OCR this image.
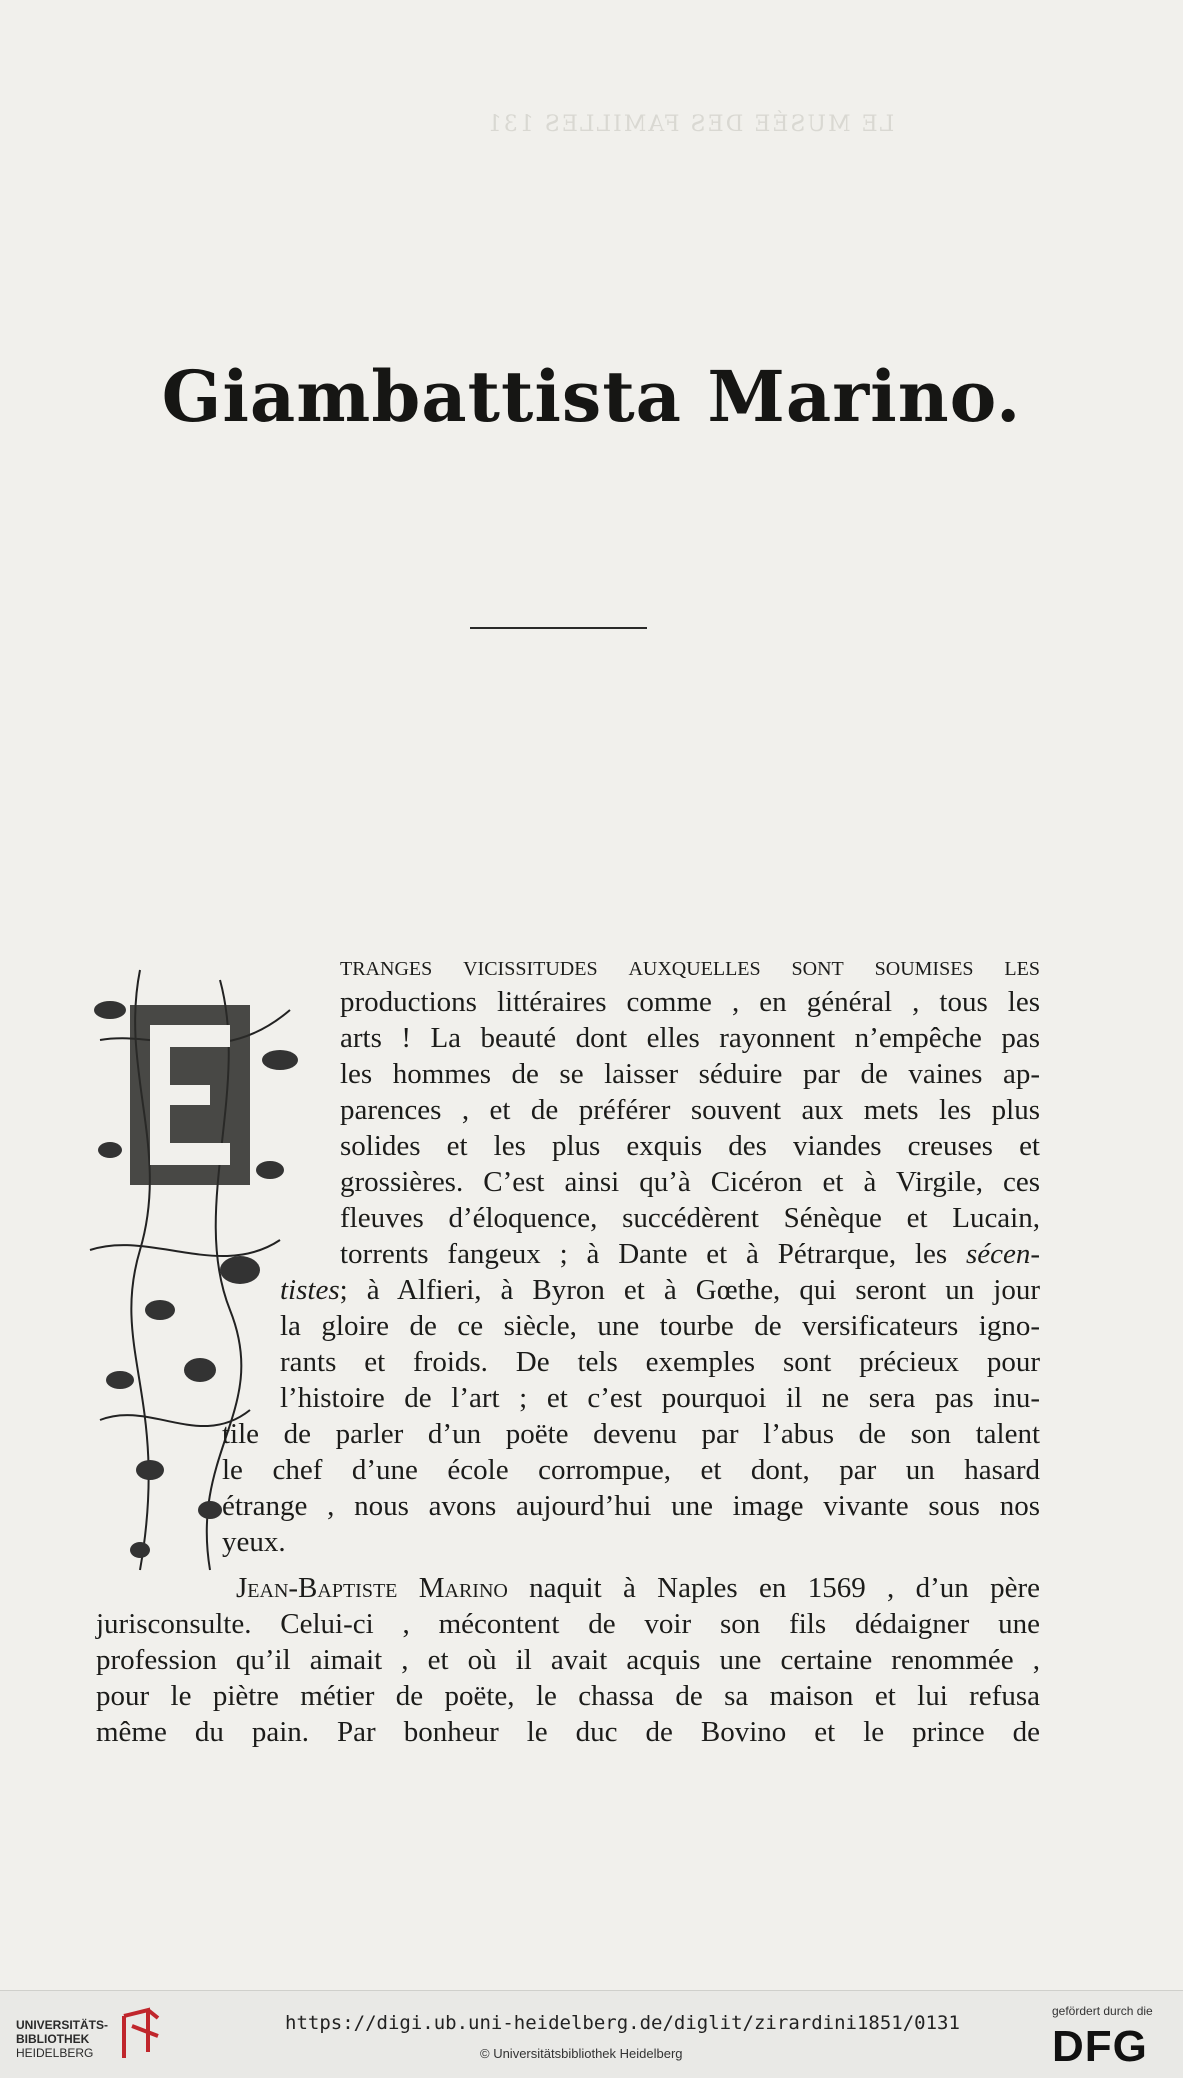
LE MUSÉE DES FAMILLES 131
Giambattista Marino.
tranges vicissitudes auxquelles sont soumises les
productions littéraires comme , en général , tous les
arts ! La beauté dont elles rayonnent n’empêche pas
les hommes de se laisser séduire par de vaines ap-
parences , et de préférer souvent aux mets les plus
solides et les plus exquis des viandes creuses et
grossières. C’est ainsi qu’à Cicéron et à Virgile, ces
fleuves d’éloquence, succédèrent Sénèque et Lucain,
torrents fangeux ; à Dante et à Pétrarque, les sécen-
tistes; à Alfieri, à Byron et à Gœthe, qui seront un jour
la gloire de ce siècle, une tourbe de versificateurs igno-
rants et froids. De tels exemples sont précieux pour
l’histoire de l’art ; et c’est pourquoi il ne sera pas inu-
tile de parler d’un poëte devenu par l’abus de son talent
le chef d’une école corrompue, et dont, par un hasard
étrange , nous avons aujourd’hui une image vivante sous nos
yeux.
Jean-Baptiste Marino naquit à Naples en 1569 , d’un père
jurisconsulte. Celui-ci , mécontent de voir son fils dédaigner une
profession qu’il aimait , et où il avait acquis une certaine renommée ,
pour le piètre métier de poëte, le chassa de sa maison et lui refusa
même du pain. Par bonheur le duc de Bovino et le prince de
UNIVERSITÄTS-
BIBLIOTHEK
HEIDELBERG
https://digi.ub.uni-heidelberg.de/diglit/zirardini1851/0131
© Universitätsbibliothek Heidelberg
gefördert durch die
DFG
